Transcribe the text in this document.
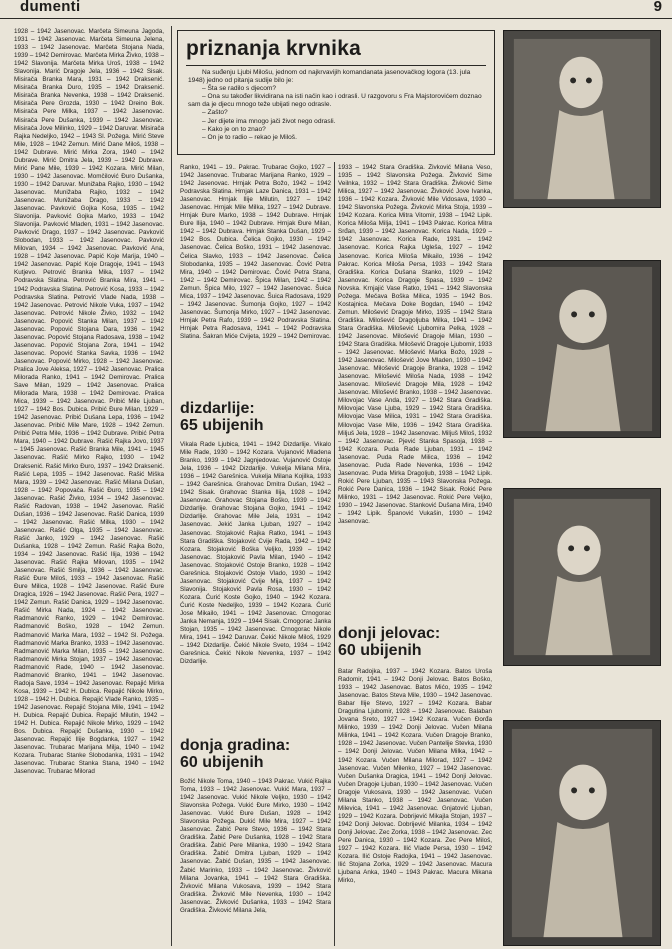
dumenti	9

1928 – 1942 Jasenovac. Marčeta Simeuna Jagoda, 1931 – 1942 Jasenovac. Marčeta Simeuna Jelena, 1933 – 1942 Jasenovac. Marčeta Stojana Nada, 1939 – 1942 Demirovac. Marčeta Mirka Živko, 1938 – 1942 Slavonija. Marčeta Mirka Uroš, 1938 – 1942 Slavonija. Marić Dragoje Jela, 1936 – 1942 Sisak. Misirača Branka Mara, 1931 – 1942 Draksenić. Misirača Branka Duro, 1935 – 1942 Draksenić. Misirača Branka Nevenka, 1938 – 1942 Draksenić. Misirača Pere Grozda, 1930 – 1942 Dreino Bok. Misirača Pere Milka, 1937 – 1942 Jasenovac. Misirača Pere Dušanka, 1939 – 1942 Jasenovac. Misirača Jove Milinko, 1929 – 1942 Daruvar. Misirača Rajka Nedeljko, 1942 – 1943 Sl. Požega. Mirić Steve Mile, 1928 – 1942 Zemun. Mirić Dane Miloš, 1938 – 1942 Dubrave. Mirić Mirka Zora, 1940 – 1942 Dubrave. Mirić Dmitra Jela, 1939 – 1942 Dubrave. Mirić Pane Mile, 1939 – 1942 Kozara. Mirić Milan, 1930 – 1942 Jasenovac. Momčilović Đuro Dušanka, 1930 – 1942 Daruvar. Munižaba Rajko, 1930 – 1942 Jasenovac. Munižaba Rajko, 1932 – 1942 Jasenovac. Munižaba Drago, 1933 – 1942 Jasenovac. Pavković Gojka Kosa, 1935 – 1942 Slavonija. Pavković Gojka Marko, 1933 – 1942 Slavonija. Pavković Mladen, 1931 – 1942 Jasenovac. Pavković Drago, 1937 – 1942 Jasenovac. Pavković Slobodan, 1933 – 1942 Jasenovac. Pavković Milovan, 1934 – 1942 Jasenovac. Pavković Ana, 1928 – 1942 Jasenovac. Papić Koje Marija, 1940 – 1942 Jasenovac. Papić Koje Dragoje, 1941 – 1943 Kutjevo. Petrović Branka Mika, 1937 – 1942 Podravska Slatina. Petrović Branka Mira, 1941 – 1942 Podravska Slatina. Petrović Kosa, 1933 – 1942 Podravska Slatina. Petrović Vlade Nada, 1938 – 1942 Jasenovac. Petrović Nikole Vuka, 1937 – 1942 Jasenovac. Petrović Nikole Živko, 1932 – 1942 Jasenovac. Popović Stanka Milan, 1937 – 1942 Jasenovac. Popović Stojana Dara, 1936 – 1942 Jasenovac. Popović Stojana Radosava, 1938 – 1942 Jasenovac. Popović Stojana Zora, 1941 – 1942 Jasenovac. Popović Stanka Savka, 1936 – 1942 Jasenovac. Popović Mirko, 1928 – 1942 Jasenovac. Pralica Jove Aleksa, 1927 – 1942 Jasenovac. Pralica Milorada Ranko, 1941 – 1942 Demirovac. Pralica Save Milan, 1929 – 1942 Jasenovac. Pralica Milorada Mara, 1938 – 1942 Demirovac. Pralica Mica, 1939 – 1942 Jasenovac. Pribić Mile Ljuban, 1927 – 1942 Bos. Dubica. Pribić Đure Milan, 1929 – 1942 Jasenovac. Pribić Dušana Lepa, 1936 – 1942 Jasenovac. Pribić Mile Mare, 1928 – 1942 Zemun. Pribić Petra Mile, 1936 – 1942 Dubrave. Pribić Petra Mara, 1940 – 1942 Dubrave. Rašić Rajka Jovo, 1937 – 1945 Jasenovac. Rašić Branka Mile, 1941 – 1945 Jasenovac. Rašić Mirko Rajko, 1930 – 1942 Draksenić. Rašić Mirko Đuro, 1937 – 1942 Draksenić. Rašić Lepa, 1935 – 1942 Jasenovac. Rašić Miška Mara, 1939 – 1942 Jasenovac. Rašić Milana Dušan, 1928 – 1942 Popovača. Rašić Đuro, 1935 – 1942 Jasenovac. Rašić Živko, 1934 – 1942 Jasenovac. Rašić Radovan, 1938 – 1942 Jasenovac. Rašić Dušan, 1936 – 1942 Jasenovac. Rašić Danica, 1939 – 1942 Jasenovac. Rašić Milka, 1930 – 1942 Jasenovac. Rašić Olga, 1935 – 1942 Jasenovac. Rašić Janko, 1929 – 1942 Jasenovac. Rašić Dušanka, 1928 – 1942 Zemun. Rašić Rajka Božo, 1934 – 1942 Jasenovac. Rašić Ilija, 1936 – 1942 Jasenovac. Rašić Rajka Milovan, 1935 – 1942 Jasenovac. Rašić Smilja, 1936 – 1942 Jasenovac. Rašić Đure Miloš, 1933 – 1942 Jasenovac. Rašić Đure Milica, 1928 – 1942 Jasenovac. Rašić Đure Dragica, 1926 – 1942 Jasenovac. Rašić Pera, 1927 – 1942 Zemun. Rašić Danica, 1929 – 1942 Jasenovac. Rašić Mirka Nada, 1924 – 1942 Jasenovac. Radmanović Ranko, 1929 – 1942 Demirovac. Radmanović Boško, 1928 – 1942 Zemun. Radmanović Marka Mara, 1932 – 1942 Sl. Požega. Radmanović Marka Branko, 1933 – 1942 Jasenovac. Radmanović Marka Milan, 1935 – 1942 Jasenovac. Radmanović Mirka Stojan, 1937 – 1942 Jasenovac. Radmanović Rade, 1940 – 1942 Jasenovac. Radmanović Branko, 1941 – 1942 Jasenovac. Radoja Save, 1934 – 1942 Jasenovac. Repajić Mirka Kosa, 1939 – 1942 H. Dubica. Repajić Nikole Mirko, 1928 – 1942 H. Dubica. Repajić Vlade Ranko, 1935 – 1942 Jasenovac. Repajić Stojana Mile, 1941 – 1942 H. Dubica. Repajić Dubica. Repajić Milutin, 1942 – 1942 H. Dubica. Repajić Nikole Mirko, 1929 – 1942 Bos. Dubica. Repajić Dušanka, 1930 – 1942 Jasenovac. Repajić Ilije Bogdanka, 1927 – 1942 Jasenovac. Trubarac Marijana Milja, 1940 – 1942 Kozara. Trubarac Stanke Slobodanka, 1931 – 1942 Jasenovac. Trubarac Stanka Stana, 1940 – 1942 Jasenovac. Trubarac Milorad

priznanja krvnika

Na suđenju Ljubi Milošu, jednom od najkrvavijih komandanata jasenovačkog logora (13. jula 1948) jedno od pitanja sudije bilo je:

– Šta se radilo s djecom?

– Ona su također likvidirana na isti način kao i odrasli. U razgovoru s Fra Majstorovićem doznao sam da je djecu mnogo teže ubijati nego odrasle.

– Zašto?

– Jer dijete ima mnogo jači život nego odrasli.

– Kako je on to znao?

– On je to radio – rekao je Miloš.

Ranko, 1941 – 19.. Pakrac. Trubarac Gojko, 1927 – 1942 Jasenovac. Trubarac Marijana Ranko, 1929 – 1942 Jasenovac. Hrnjak Petra Božo, 1942 – 1942 Podravska Slatina. Hrnjak Laze Danica, 1931 – 1942 Jasenovac. Hrnjak Ilije Milutin, 1927 – 1942 Jasenovac. Hrnjak Mile Milka, 1927 – 1942 Dubrave. Hrnjak Đure Marko, 1938 – 1942 Dubrave. Hrnjak Đure Ilija, 1940 – 1942 Dubrave. Hrnjak Đure Milan, 1942 – 1942 Dubrava. Hrnjak Stanka Dušan, 1929 – 1942 Bos. Dubica. Čelica Gojko, 1930 – 1942 Jasenovac. Čelica Boško, 1931 – 1942 Jasenovac. Čelica Slavko, 1933 – 1942 Jasenovac. Čelica Slobodanka, 1935 – 1942 Jasenovac. Čović Petra Mira, 1940 – 1942 Demirovac. Čović Petra Stana, 1942 – 1942 Demirovac. Špica Milan, 1942 – 1942 Zemun. Špica Milo, 1927 – 1942 Jasenovac. Šuica Mica, 1937 – 1942 Jasenovac. Šuica Radosava, 1929 – 1942 Jasenovac. Šumonja Gojko, 1927 – 1942 Jasenovac. Šumonja Mirko, 1927 – 1942 Jasenovac. Hrnjak Petra Rafo, 1939 – 1942 Podravska Slatina. Hrnjak Petra Radosava, 1941 – 1942 Podravska Slatina. Šakran Miće Cvijeta, 1929 – 1942 Demirovac.

dizdarlije:
65 ubijenih

Vikala Rade Ljubica, 1941 – 1942 Dizdarlije. Vikalo Mile Rade, 1930 – 1942 Kozara. Vujanović Mladena Branko, 1939 – 1942 Jagnjedovac. Vujanović Ostoje Jela, 1936 – 1942 Dizdarlije. Vukelja Milana Mira, 1936 – 1942 Garešnica. Vukelja Milana Kojilka, 1933 – 1942 Garešnica. Grahovac Dmitra Dušan, 1942 – 1942 Sisak. Grahovac Stanka Ilija, 1928 – 1942 Jasenovac. Grahovac Stojana Boško, 1939 – 1942 Dizdarlije. Grahovac Stojana Gojko, 1941 – 1942 Dizdarlije. Grahovac Mile Jela, 1931 – 1942 Jasenovac. Jekić Janka Ljuban, 1927 – 1942 Jasenovac. Stojaković Rajka Ratko, 1941 – 1943 Stara Gradiška. Stojaković Cvije Rada, 1942 – 1942 Kozara. Stojaković Boška Veljko, 1939 – 1942 Jasenovac. Stojaković Pavla Milan, 1940 – 1942 Jasenovac. Stojaković Ostoje Branko, 1928 – 1942 Garešnica. Stojaković Ostoje Vlado, 1930 – 1942 Jasenovac. Stojaković Cvije Mija, 1937 – 1942 Slavonija. Stojaković Pavla Rosa, 1930 – 1942 Kozara. Ćurić Koste Gojko, 1940 – 1942 Kozara. Ćurić Koste Nedeljko, 1939 – 1942 Kozara. Ćurić Jose Mikailo, 1941 – 1942 Jasenovac. Crnogorac Janka Nemanja, 1929 – 1944 Sisak. Crnogorac Janka Stojan, 1935 – 1942 Jasenovac. Crnogorac Nikole Mira, 1941 – 1942 Daruvar. Čekić Nikole Miloš, 1929 – 1942 Dizdarlije. Čekić Nikole Sveto, 1934 – 1942 Garešnica. Čekić Nikole Nevenka, 1937 – 1942 Dizdarlije.

donja gradina:
60 ubijenih

Božić Nikole Toma, 1940 – 1943 Pakrac. Vukić Rajka Toma, 1933 – 1942 Jasenovac. Vukić Mara, 1937 – 1942 Jasenovac. Vukić Nikole Veljko, 1930 – 1942 Slavonska Požega. Vukić Đure Mirko, 1930 – 1942 Jasenovac. Vukić Đure Dušan, 1928 – 1942 Slavonska Požega. Dukić Mile Mira, 1927 – 1942 Jasenovac. Žabić Pere Stevo, 1936 – 1942 Stara Gradiška. Žabić Pere Dušanka, 1928 – 1942 Stara Gradiška. Žabić Pere Milanka, 1930 – 1942 Stara Gradiška. Žabić Dmitra Ljuban, 1929 – 1942 Jasenovac. Žabić Dušan, 1935 – 1942 Jasenovac. Žabić Marinko, 1933 – 1942 Jasenovac. Živković Milana Jovanka, 1941 – 1942 Stara Gradiška. Živković Milana Vukosava, 1939 – 1942 Stara Gradiška. Živković Mile Nevenka, 1930 – 1942 Jasenovac. Živković Dušanka, 1933 – 1942 Stara Gradiška. Živković Milana Jela,

1933 – 1942 Stara Gradiška. Živković Milana Veso, 1935 – 1942 Slavonska Požega. Živković Sime Veilnka, 1932 – 1942 Stara Gradiška. Živković Sime Milica, 1927 – 1942 Jasenovac. Živković Jove Ivanka, 1936 – 1942 Kozara. Živković Mile Vidosava, 1930 – 1942 Slavonska Požega. Živković Mirka Stoja, 1939 – 1942 Kozara. Korica Mitra Vitomir, 1938 – 1942 Lipik. Korica Miloša Milja, 1941 – 1943 Pakrac. Korica Mitra Srđan, 1939 – 1942 Jasenovac. Korica Nada, 1929 – 1942 Jasenovac. Korica Rade, 1931 – 1942 Jasenovac. Korica Rajka Ugleša, 1927 – 1942 Jasenovac. Korica Miloša Mikailo, 1936 – 1942 Pakrac. Korica Miloša Persa, 1933 – 1942 Stara Gradiška. Korica Dušana Stanko, 1929 – 1942 Jasenovac. Korica Dragoje Spasa, 1939 – 1942 Novska. Krnjajić Vase Ratko, 1941 – 1942 Slavonska Požega. Mečava Boška Milica, 1935 – 1942 Bos. Kostajnica. Mečava Doke Bogdan, 1940 – 1942 Zemun. Milošević Dragoje Mirko, 1935 – 1942 Stara Gradiška. Milošević Dragoljuba Milka, 1941 – 1942 Stara Gradiška. Milošević Ljubomira Pelka, 1928 – 1942 Jasenovac. Milošević Dragoje Milan, 1930 – 1942 Stara Gradiška. Milošević Dragoje Ljubomir, 1933 – 1942 Jasenovac. Milošević Marka Božo, 1928 – 1942 Jasenovac. Milošević Jove Mladen, 1930 – 1942 Jasenovac. Milošević Dragoje Branka, 1928 – 1942 Jasenovac. Milošević Miloša Nada, 1938 – 1942 Jasenovac. Milošević Dragoje Mila, 1928 – 1942 Jasenovac. Milošević Branko, 1938 – 1942 Jasenovac. Milovojac Vase Anda, 1927 – 1942 Stara Gradiška. Milovojac Vase Ljuba, 1929 – 1942 Stara Gradiška. Milovojac Vase Milica, 1931 – 1942 Stara Gradiška. Milovojac Vase Mile, 1936 – 1942 Stara Gradiška. Miljuš Jela, 1928 – 1942 Jasenovac. Miljuš Miloš, 1932 – 1942 Jasenovac. Pjević Stanka Spasoja, 1938 – 1942 Kozara. Puda Rade Ljuban, 1931 – 1942 Jasenovac. Puda Rade Milica, 1936 – 1942 Jasenovac. Puda Rade Nevenka, 1936 – 1942 Jasenovac. Puda Mirka Dragoljub, 1938 – 1942 Lipik. Rokić Pere Ljuban, 1935 – 1943 Slavonska Požega. Rokić Pere Danica, 1936 – 1942 Sisak. Rokić Pere Milinko, 1931 – 1942 Jasenovac. Rokić Pere Veljko, 1930 – 1942 Jasenovac. Stanković Dušana Mira, 1940 – 1942 Lipik. Španović Vukašin, 1930 – 1942 Jasenovac.

donji jelovac:
60 ubijenih

Batar Radojka, 1937 – 1942 Kozara. Batos Uroša Radomir, 1941 – 1942 Donji Jelovac. Batos Boško, 1933 – 1942 Jasenovac. Batos Mićo, 1935 – 1942 Jasenovac. Batos Steva Mile, 1930 – 1942 Jasenovac. Babar Ilije Stevo, 1927 – 1942 Kozara. Babar Dragutina Ljubomir, 1928 – 1942 Jasenovac. Balaban Jovana Sreto, 1927 – 1942 Kozara. Vučen Đorđa Milinko, 1939 – 1942 Donji Jelovac. Vučen Milana Milinka, 1941 – 1942 Kozara. Vučen Dragoje Branko, 1928 – 1942 Jasenovac. Vučen Pantelije Stevka, 1930 – 1942 Donji Jelovac. Vučen Milana Milka, 1942 – 1942 Kozara. Vučen Milana Milorad, 1927 – 1942 Jasenovac. Vučen Milenko, 1927 – 1942 Jasenovac. Vučen Dušanka Dragica, 1941 – 1942 Donji Jelovac. Vučen Dragoje Ljuban, 1930 – 1942 Jasenovac. Vučen Dragoje Vukosava, 1930 – 1942 Jasenovac. Vučen Milana Stanko, 1938 – 1942 Jasenovac. Vučen Milevica, 1941 – 1942 Jasenovac. Gnjatović Ljuban, 1929 – 1942 Kozara. Dobrijević Mikajla Stojan, 1937 – 1942 Donji Jelovac. Dobrijević Milanka, 1934 – 1942 Donji Jelovac. Zec Zorka, 1938 – 1942 Jasenovac. Zec Pere Danica, 1930 – 1942 Kozara. Zec Pere Miloš, 1927 – 1942 Kozara. Ilić Vlade Persa, 1930 – 1942 Kozara. Ilić Ostoje Radojka, 1941 – 1942 Jasenovac. Ilić Stojana Zorka, 1929 – 1942 Jasenovac. Macura Ljubana Anka, 1940 – 1943 Pakrac. Macura Mikana Mirko,
